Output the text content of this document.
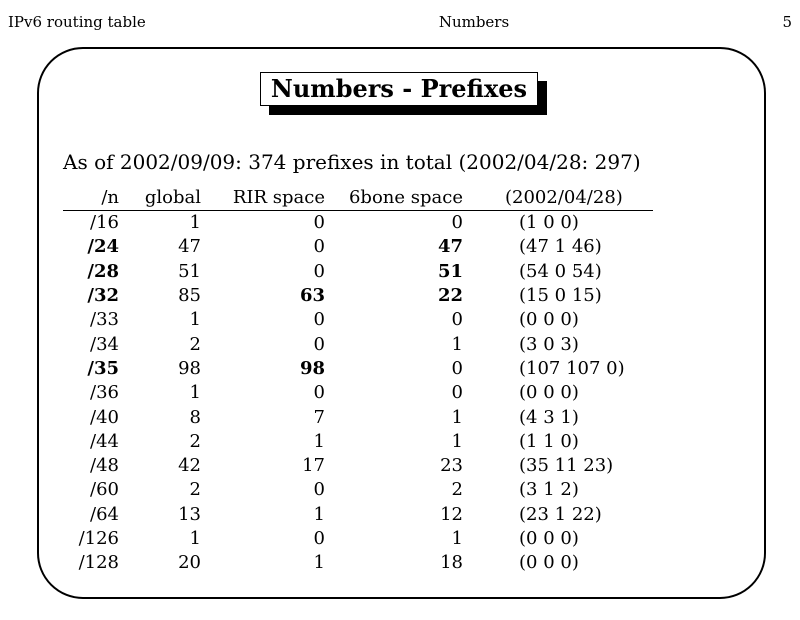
IPv6 routing table	Numbers	5
Numbers - Prefixes
As of 2002/09/09: 374 prefixes in total (2002/04/28: 297)
/n	global	RIR space	6bone space	(2002/04/28)
/16	1	0	0	(1 0 0)
/24	47	0	47	(47 1 46)
/28	51	0	51	(54 0 54)
/32	85	63	22	(15 0 15)
/33	1	0	0	(0 0 0)
/34	2	0	1	(3 0 3)
/35	98	98	0	(107 107 0)
/36	1	0	0	(0 0 0)
/40	8	7	1	(4 3 1)
/44	2	1	1	(1 1 0)
/48	42	17	23	(35 11 23)
/60	2	0	2	(3 1 2)
/64	13	1	12	(23 1 22)
/126	1	0	1	(0 0 0)
/128	20	1	18	(0 0 0)
